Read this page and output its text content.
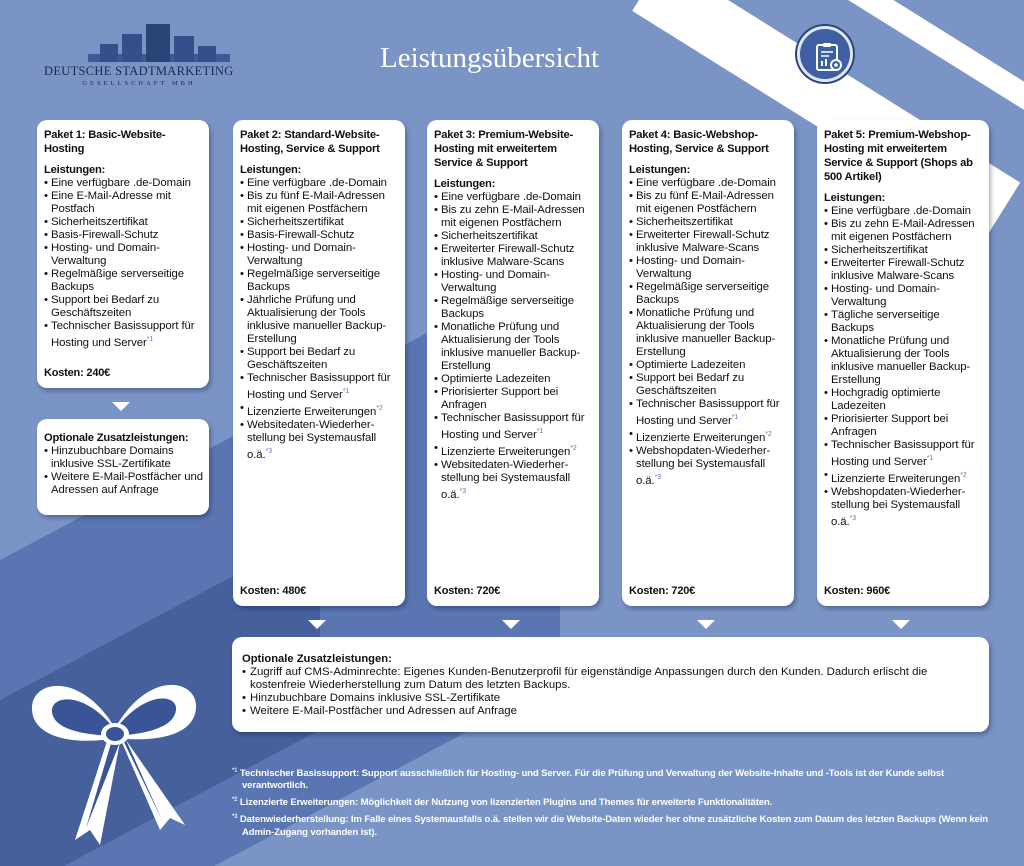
DEUTSCHE STADTMARKETING
GESELLSCHAFT MBH
Leistungsübersicht
Paket 1: Basic-Website-Hosting
Leistungen:
• Eine verfügbare .de-Domain
• Eine E-Mail-Adresse mit Postfach
• Sicherheitszertifikat
• Basis-Firewall-Schutz
• Hosting- und Domain-Verwaltung
• Regelmäßige serverseitige Backups
• Support bei Bedarf zu Geschäftszeiten
• Technischer Basissupport für Hosting und Server$^{*1}$
Kosten: 240€
Paket 2: Standard-Website-Hosting, Service & Support
Leistungen:
• Eine verfügbare .de-Domain
• Bis zu fünf E-Mail-Adressen mit eigenen Postfächern
• Sicherheitszertifikat
• Basis-Firewall-Schutz
• Hosting- und Domain-Verwaltung
• Regelmäßige serverseitige Backups
• Jährliche Prüfung und Aktualisierung der Tools inklusive manueller Backup-Erstellung
• Support bei Bedarf zu Geschäftszeiten
• Technischer Basissupport für Hosting und Server$^{*1}$
• Lizenzierte Erweiterungen$^{*2}$
• Websitedaten-Wiederher-stellung bei Systemausfall o.ä.$^{*3}$
Kosten: 480€
Paket 3: Premium-Website-Hosting mit erweitertem Service & Support
Leistungen:
• Eine verfügbare .de-Domain
• Bis zu zehn E-Mail-Adressen mit eigenen Postfächern
• Sicherheitszertifikat
• Erweiterter Firewall-Schutz inklusive Malware-Scans
• Hosting- und Domain-Verwaltung
• Regelmäßige serverseitige Backups
• Monatliche Prüfung und Aktualisierung der Tools inklusive manueller Backup-Erstellung
• Optimierte Ladezeiten
• Priorisierter Support bei Anfragen
• Technischer Basissupport für Hosting und Server$^{*1}$
• Lizenzierte Erweiterungen$^{*2}$
• Websitedaten-Wiederher-stellung bei Systemausfall o.ä.$^{*3}$
Kosten: 720€
Paket 4: Basic-Webshop-Hosting, Service & Support
Leistungen:
• Eine verfügbare .de-Domain
• Bis zu fünf E-Mail-Adressen mit eigenen Postfächern
• Sicherheitszertifikat
• Erweiterter Firewall-Schutz inklusive Malware-Scans
• Hosting- und Domain-Verwaltung
• Regelmäßige serverseitige Backups
• Monatliche Prüfung und Aktualisierung der Tools inklusive manueller Backup-Erstellung
• Optimierte Ladezeiten
• Support bei Bedarf zu Geschäftszeiten
• Technischer Basissupport für Hosting und Server$^{*1}$
• Lizenzierte Erweiterungen$^{*2}$
• Webshopdaten-Wiederher-stellung bei Systemausfall o.ä.$^{*3}$
Kosten: 720€
Paket 5: Premium-Webshop-Hosting mit erweitertem Service & Support (Shops ab 500 Artikel)
Leistungen:
• Eine verfügbare .de-Domain
• Bis zu zehn E-Mail-Adressen mit eigenen Postfächern
• Sicherheitszertifikat
• Erweiterter Firewall-Schutz inklusive Malware-Scans
• Hosting- und Domain-Verwaltung
• Tägliche serverseitige Backups
• Monatliche Prüfung und Aktualisierung der Tools inklusive manueller Backup-Erstellung
• Hochgradig optimierte Ladezeiten
• Priorisierter Support bei Anfragen
• Technischer Basissupport für Hosting und Server$^{*1}$
• Lizenzierte Erweiterungen$^{*2}$
• Webshopdaten-Wiederher-stellung bei Systemausfall o.ä.$^{*3}$
Kosten: 960€
Optionale Zusatzleistungen:
• Hinzubuchbare Domains inklusive SSL-Zertifikate
• Weitere E-Mail-Postfächer und Adressen auf Anfrage
Optionale Zusatzleistungen:
• Zugriff auf CMS-Adminrechte: Eigenes Kunden-Benutzerprofil für eigenständige Anpassungen durch den Kunden. Dadurch erlischt die kostenfreie Wiederherstellung zum Datum des letzten Backups.
• Hinzubuchbare Domains inklusive SSL-Zertifikate
• Weitere E-Mail-Postfächer und Adressen auf Anfrage

$^{*1}$ Technischer Basissupport: Support ausschließlich für Hosting- und Server. Für die Prüfung und Verwaltung der Website-Inhalte und -Tools ist der Kunde selbst verantwortlich.

$^{*2}$ Lizenzierte Erweiterungen: Möglichkeit der Nutzung von lizenzierten Plugins und Themes für erweiterte Funktionalitäten.

$^{*3}$ Datenwiederherstellung: Im Falle eines Systemausfalls o.ä. stellen wir die Website-Daten wieder her ohne zusätzliche Kosten zum Datum des letzten Backups (Wenn kein Admin-Zugang vorhanden ist).
